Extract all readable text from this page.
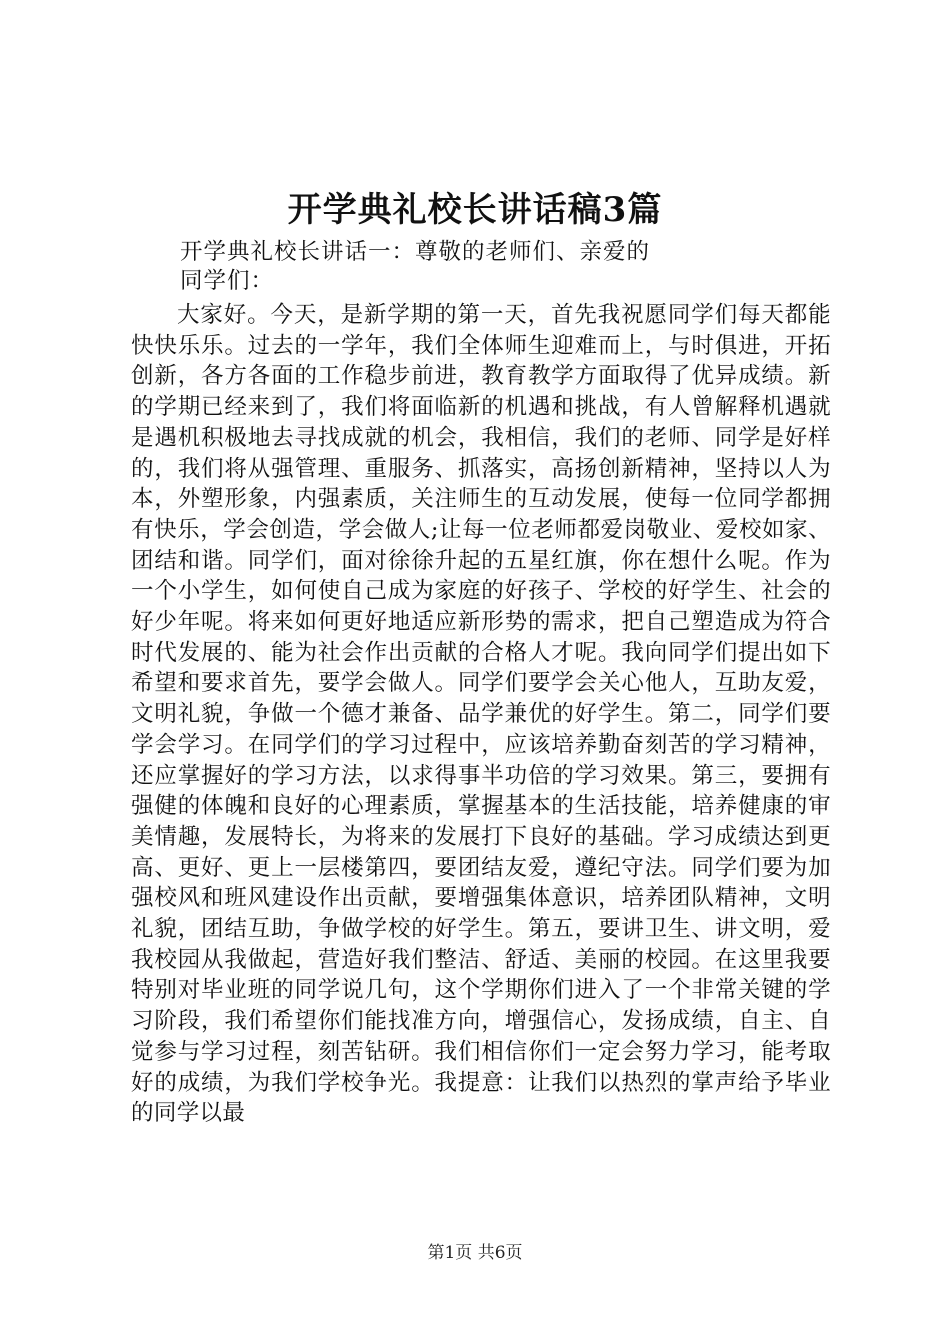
开学典礼校长讲话稿3篇
开学典礼校长讲话一：尊敬的老师们、亲爱的
同学们：
大家好。今天，是新学期的第一天，首先我祝愿同学们每天都能快快乐乐。过去的一学年，我们全体师生迎难而上，与时俱进，开拓创新，各方各面的工作稳步前进，教育教学方面取得了优异成绩。新的学期已经来到了，我们将面临新的机遇和挑战，有人曾解释机遇就是遇机积极地去寻找成就的机会，我相信，我们的老师、同学是好样的，我们将从强管理、重服务、抓落实，高扬创新精神，坚持以人为本，外塑形象，内强素质，关注师生的互动发展，使每一位同学都拥有快乐，学会创造，学会做人;让每一位老师都爱岗敬业、爱校如家、团结和谐。同学们，面对徐徐升起的五星红旗，你在想什么呢。作为一个小学生，如何使自己成为家庭的好孩子、学校的好学生、社会的好少年呢。将来如何更好地适应新形势的需求，把自己塑造成为符合时代发展的、能为社会作出贡献的合格人才呢。我向同学们提出如下希望和要求首先，要学会做人。同学们要学会关心他人，互助友爱，文明礼貌，争做一个德才兼备、品学兼优的好学生。第二，同学们要学会学习。在同学们的学习过程中，应该培养勤奋刻苦的学习精神，还应掌握好的学习方法，以求得事半功倍的学习效果。第三，要拥有强健的体魄和良好的心理素质，掌握基本的生活技能，培养健康的审美情趣，发展特长，为将来的发展打下良好的基础。学习成绩达到更高、更好、更上一层楼第四，要团结友爱，遵纪守法。同学们要为加强校风和班风建设作出贡献，要增强集体意识，培养团队精神，文明礼貌，团结互助，争做学校的好学生。第五，要讲卫生、讲文明，爱我校园从我做起，营造好我们整洁、舒适、美丽的校园。在这里我要特别对毕业班的同学说几句，这个学期你们进入了一个非常关键的学习阶段，我们希望你们能找准方向，增强信心，发扬成绩，自主、自觉参与学习过程，刻苦钻研。我们相信你们一定会努力学习，能考取好的成绩，为我们学校争光。我提意：让我们以热烈的掌声给予毕业的同学以最
第1页 共6页
